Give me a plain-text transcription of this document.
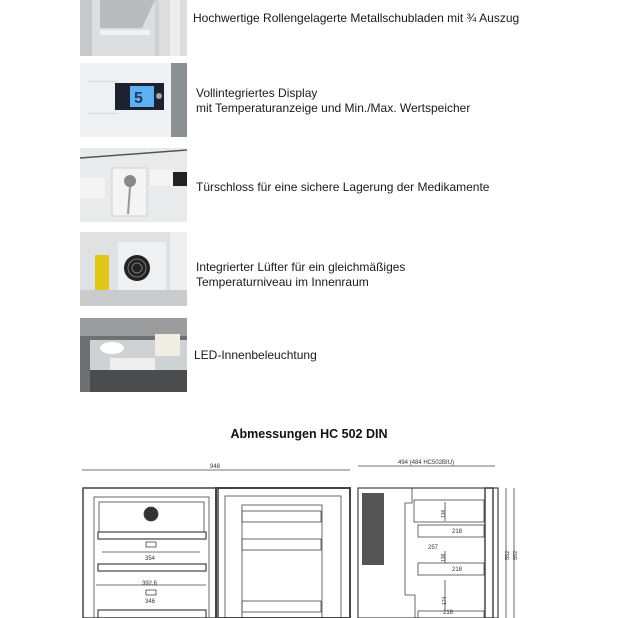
Hochwertige Rollengelagerte Metallschubladen mit ¾ Auszug
5	Vollintegriertes Display
mit Temperaturanzeige und Min./Max. Wertspeicher
Türschloss für eine sichere Lagerung der Medikamente
Integrierter Lüfter für ein gleichmäßiges
Temperaturniveau im Innenraum
LED-Innenbeleuchtung
Abmessungen HC 502 DIN
948
354
392,6
346
494 (484 HC502BIU)
136
218
257
138
218
174
218
552 592
